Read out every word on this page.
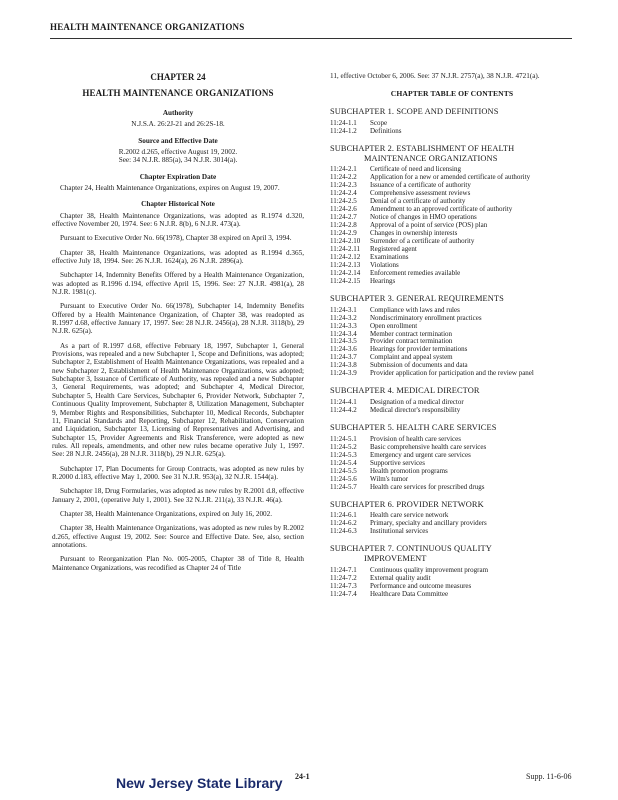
HEALTH MAINTENANCE ORGANIZATIONS
CHAPTER 24
HEALTH MAINTENANCE ORGANIZATIONS
Authority
N.J.S.A. 26:2J-21 and 26:2S-18.
Source and Effective Date
R.2002 d.265, effective August 19, 2002.
See: 34 N.J.R. 885(a), 34 N.J.R. 3014(a).
Chapter Expiration Date
Chapter 24, Health Maintenance Organizations, expires on August 19, 2007.
Chapter Historical Note
Chapter 38, Health Maintenance Organizations, was adopted as R.1974 d.320, effective November 20, 1974. See: 6 N.J.R. 8(b), 6 N.J.R. 473(a).
Pursuant to Executive Order No. 66(1978), Chapter 38 expired on April 3, 1994.
Chapter 38, Health Maintenance Organizations, was adopted as R.1994 d.365, effective July 18, 1994. See: 26 N.J.R. 1624(a), 26 N.J.R. 2896(a).
Subchapter 14, Indemnity Benefits Offered by a Health Maintenance Organization, was adopted as R.1996 d.194, effective April 15, 1996. See: 27 N.J.R. 4981(a), 28 N.J.R. 1981(c).
Pursuant to Executive Order No. 66(1978), Subchapter 14, Indemnity Benefits Offered by a Health Maintenance Organization, of Chapter 38, was readopted as R.1997 d.68, effective January 17, 1997. See: 28 N.J.R. 2456(a), 28 N.J.R. 3118(b), 29 N.J.R. 625(a).
As a part of R.1997 d.68, effective February 18, 1997, Subchapter 1, General Provisions, was repealed and a new Subchapter 1, Scope and Definitions, was adopted; Subchapter 2, Establishment of Health Maintenance Organizations, was repealed and a new Subchapter 2, Establishment of Health Maintenance Organizations, was adopted; Subchapter 3, Issuance of Certificate of Authority, was repealed and a new Subchapter 3, General Requirements, was adopted; and Subchapter 4, Medical Director, Subchapter 5, Health Care Services, Subchapter 6, Provider Network, Subchapter 7, Continuous Quality Improvement, Subchapter 8, Utilization Management, Subchapter 9, Member Rights and Responsibilities, Subchapter 10, Medical Records, Subchapter 11, Financial Standards and Reporting, Subchapter 12, Rehabilitation, Conservation and Liquidation, Subchapter 13, Licensing of Representatives and Advertising, and Subchapter 15, Provider Agreements and Risk Transference, were adopted as new rules. All repeals, amendments, and other new rules became operative July 1, 1997. See: 28 N.J.R. 2456(a), 28 N.J.R. 3118(b), 29 N.J.R. 625(a).
Subchapter 17, Plan Documents for Group Contracts, was adopted as new rules by R.2000 d.183, effective May 1, 2000. See 31 N.J.R. 953(a), 32 N.J.R. 1544(a).
Subchapter 18, Drug Formularies, was adopted as new rules by R.2001 d.8, effective January 2, 2001, (operative July 1, 2001). See 32 N.J.R. 211(a), 33 N.J.R. 46(a).
Chapter 38, Health Maintenance Organizations, expired on July 16, 2002.
Chapter 38, Health Maintenance Organizations, was adopted as new rules by R.2002 d.265, effective August 19, 2002. See: Source and Effective Date. See, also, section annotations.
Pursuant to Reorganization Plan No. 005-2005, Chapter 38 of Title 8, Health Maintenance Organizations, was recodified as Chapter 24 of Title
11, effective October 6, 2006. See: 37 N.J.R. 2757(a), 38 N.J.R. 4721(a).
CHAPTER TABLE OF CONTENTS
SUBCHAPTER 1. SCOPE AND DEFINITIONS
11:24-1.1	Scope
11:24-1.2	Definitions
SUBCHAPTER 2. ESTABLISHMENT OF HEALTH
MAINTENANCE ORGANIZATIONS
11:24-2.1	Certificate of need and licensing
11:24-2.2	Application for a new or amended certificate of authority
11:24-2.3	Issuance of a certificate of authority
11:24-2.4	Comprehensive assessment reviews
11:24-2.5	Denial of a certificate of authority
11:24-2.6	Amendment to an approved certificate of authority
11:24-2.7	Notice of changes in HMO operations
11:24-2.8	Approval of a point of service (POS) plan
11:24-2.9	Changes in ownership interests
11:24-2.10	Surrender of a certificate of authority
11:24-2.11	Registered agent
11:24-2.12	Examinations
11:24-2.13	Violations
11:24-2.14	Enforcement remedies available
11:24-2.15	Hearings
SUBCHAPTER 3. GENERAL REQUIREMENTS
11:24-3.1	Compliance with laws and rules
11:24-3.2	Nondiscriminatory enrollment practices
11:24-3.3	Open enrollment
11:24-3.4	Member contract termination
11:24-3.5	Provider contract termination
11:24-3.6	Hearings for provider terminations
11:24-3.7	Complaint and appeal system
11:24-3.8	Submission of documents and data
11:24-3.9	Provider application for participation and the review panel
SUBCHAPTER 4. MEDICAL DIRECTOR
11:24-4.1	Designation of a medical director
11:24-4.2	Medical director's responsibility
SUBCHAPTER 5. HEALTH CARE SERVICES
11:24-5.1	Provision of health care services
11:24-5.2	Basic comprehensive health care services
11:24-5.3	Emergency and urgent care services
11:24-5.4	Supportive services
11:24-5.5	Health promotion programs
11:24-5.6	Wilm's tumor
11:24-5.7	Health care services for prescribed drugs
SUBCHAPTER 6. PROVIDER NETWORK
11:24-6.1	Health care service network
11:24-6.2	Primary, specialty and ancillary providers
11:24-6.3	Institutional services
SUBCHAPTER 7. CONTINUOUS QUALITY
IMPROVEMENT
11:24-7.1	Continuous quality improvement program
11:24-7.2	External quality audit
11:24-7.3	Performance and outcome measures
11:24-7.4	Healthcare Data Committee
New Jersey State Library 24-1	Supp. 11-6-06
